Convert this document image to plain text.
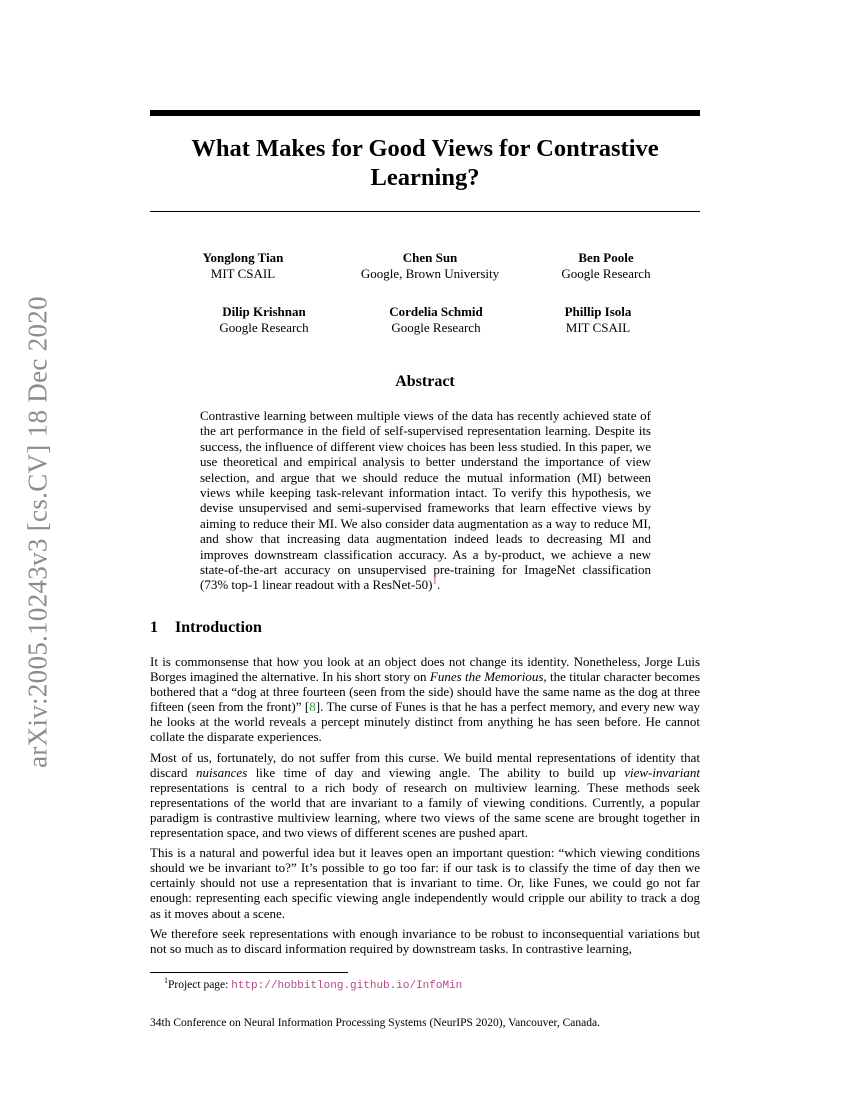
arXiv:2005.10243v3 [cs.CV] 18 Dec 2020
What Makes for Good Views for Contrastive Learning?
Yonglong Tian
MIT CSAIL
Chen Sun
Google, Brown University
Ben Poole
Google Research
Dilip Krishnan
Google Research
Cordelia Schmid
Google Research
Phillip Isola
MIT CSAIL
Abstract
Contrastive learning between multiple views of the data has recently achieved state of the art performance in the field of self-supervised representation learning. Despite its success, the influence of different view choices has been less studied. In this paper, we use theoretical and empirical analysis to better understand the importance of view selection, and argue that we should reduce the mutual information (MI) between views while keeping task-relevant information intact. To verify this hypothesis, we devise unsupervised and semi-supervised frameworks that learn effective views by aiming to reduce their MI. We also consider data augmentation as a way to reduce MI, and show that increasing data augmentation indeed leads to decreasing MI and improves downstream classification accuracy. As a by-product, we achieve a new state-of-the-art accuracy on unsupervised pre-training for ImageNet classification (73% top-1 linear readout with a ResNet-50)$^1$.
1 Introduction

It is commonsense that how you look at an object does not change its identity. Nonetheless, Jorge Luis Borges imagined the alternative. In his short story on Funes the Memorious, the titular character becomes bothered that a “dog at three fourteen (seen from the side) should have the same name as the dog at three fifteen (seen from the front)” [8]. The curse of Funes is that he has a perfect memory, and every new way he looks at the world reveals a percept minutely distinct from anything he has seen before. He cannot collate the disparate experiences.

Most of us, fortunately, do not suffer from this curse. We build mental representations of identity that discard nuisances like time of day and viewing angle. The ability to build up view-invariant representations is central to a rich body of research on multiview learning. These methods seek representations of the world that are invariant to a family of viewing conditions. Currently, a popular paradigm is contrastive multiview learning, where two views of the same scene are brought together in representation space, and two views of different scenes are pushed apart.

This is a natural and powerful idea but it leaves open an important question: “which viewing conditions should we be invariant to?” It’s possible to go too far: if our task is to classify the time of day then we certainly should not use a representation that is invariant to time. Or, like Funes, we could go not far enough: representing each specific viewing angle independently would cripple our ability to track a dog as it moves about a scene.

We therefore seek representations with enough invariance to be robust to inconsequential variations but not so much as to discard information required by downstream tasks. In contrastive learning,

$^1$Project page: http://hobbitlong.github.io/InfoMin
34th Conference on Neural Information Processing Systems (NeurIPS 2020), Vancouver, Canada.
